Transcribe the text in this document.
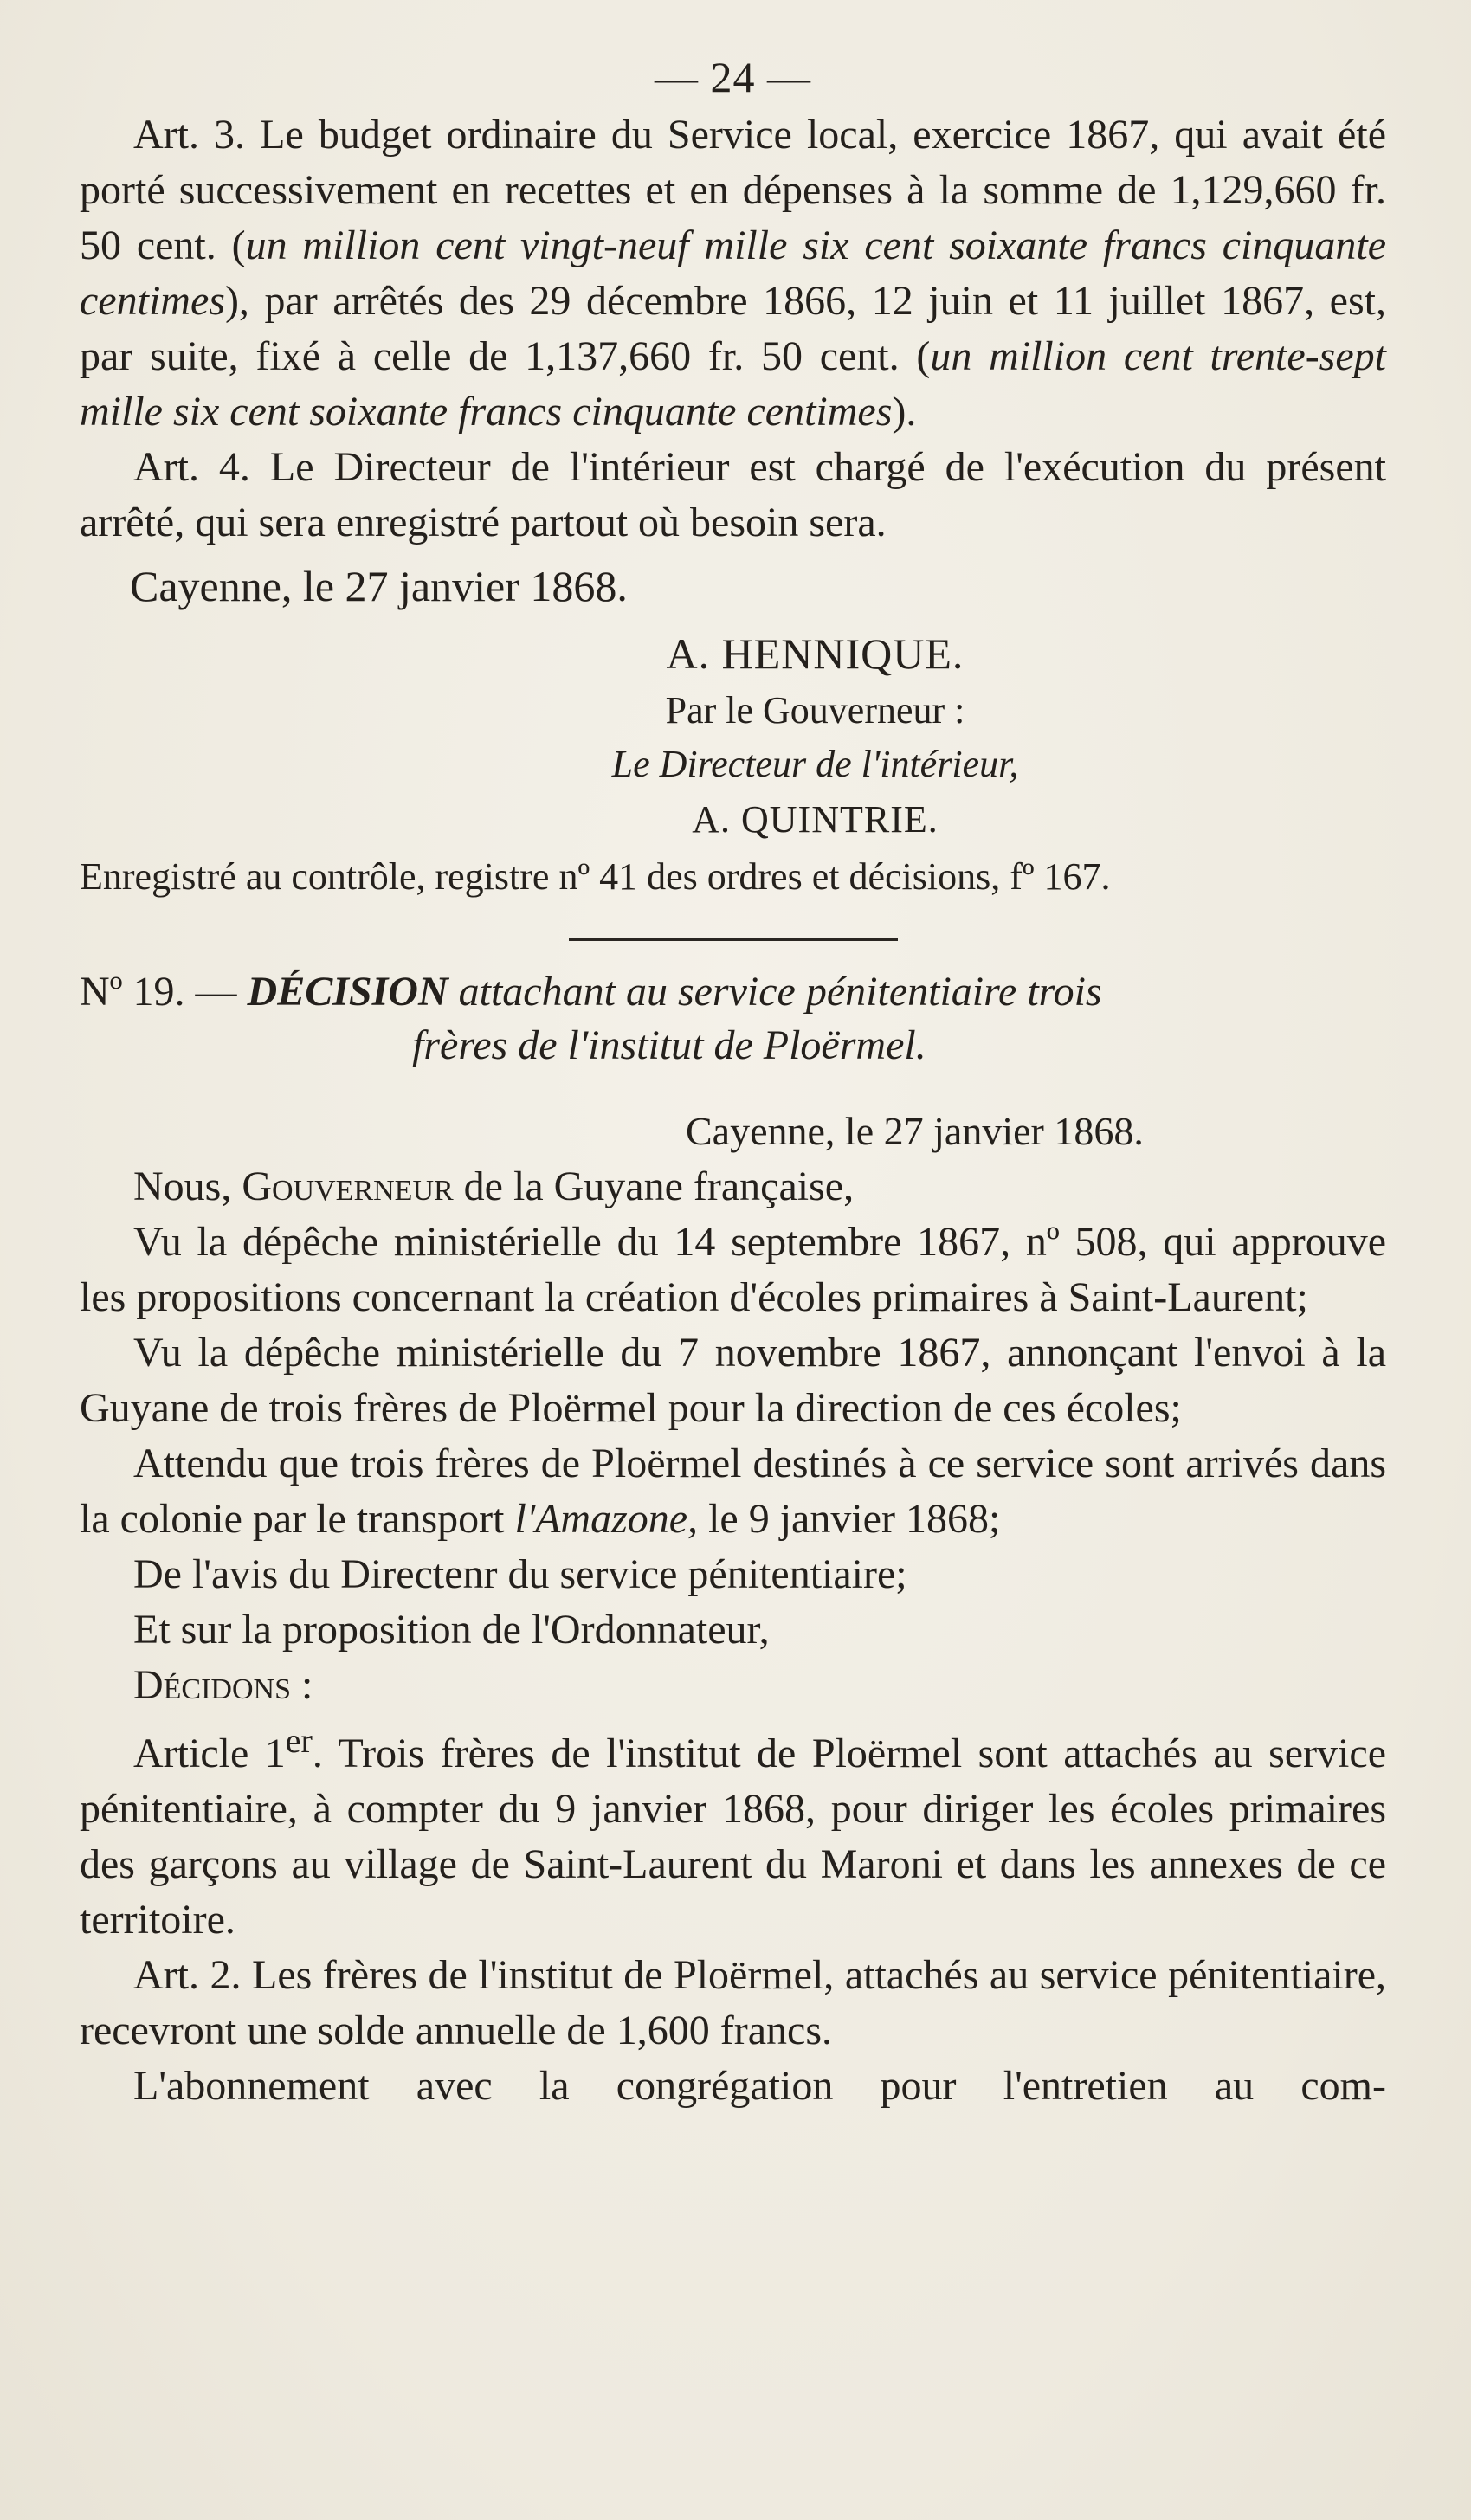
— 24 —

Art. 3. Le budget ordinaire du Service local, exercice 1867, qui avait été porté successivement en recettes et en dépenses à la somme de 1,129,660 fr. 50 cent. (un million cent vingt-neuf mille six cent soixante francs cinquante centimes), par arrêtés des 29 décembre 1866, 12 juin et 11 juillet 1867, est, par suite, fixé à celle de 1,137,660 fr. 50 cent. (un million cent trente-sept mille six cent soixante francs cinquante centimes).

Art. 4. Le Directeur de l'intérieur est chargé de l'exécution du présent arrêté, qui sera enregistré partout où besoin sera.

Cayenne, le 27 janvier 1868.
A. HENNIQUE.
Par le Gouverneur :
Le Directeur de l'intérieur,
A. QUINTRIE.

Enregistré au contrôle, registre nº 41 des ordres et décisions, fº 167.

Nº 19. — DÉCISION attachant au service pénitentiaire trois

frères de l'institut de Ploërmel.

Cayenne, le 27 janvier 1868.

Nous, Gouverneur de la Guyane française,

Vu la dépêche ministérielle du 14 septembre 1867, nº 508, qui approuve les propositions concernant la création d'écoles primaires à Saint-Laurent;

Vu la dépêche ministérielle du 7 novembre 1867, annonçant l'envoi à la Guyane de trois frères de Ploërmel pour la direction de ces écoles;

Attendu que trois frères de Ploërmel destinés à ce service sont arrivés dans la colonie par le transport l'Amazone, le 9 janvier 1868;

De l'avis du Directenr du service pénitentiaire;

Et sur la proposition de l'Ordonnateur,

Décidons :

Article 1er. Trois frères de l'institut de Ploërmel sont attachés au service pénitentiaire, à compter du 9 janvier 1868, pour diriger les écoles primaires des garçons au village de Saint-Laurent du Maroni et dans les annexes de ce territoire.

Art. 2. Les frères de l'institut de Ploërmel, attachés au service pénitentiaire, recevront une solde annuelle de 1,600 francs.

L'abonnement avec la congrégation pour l'entretien au com-
